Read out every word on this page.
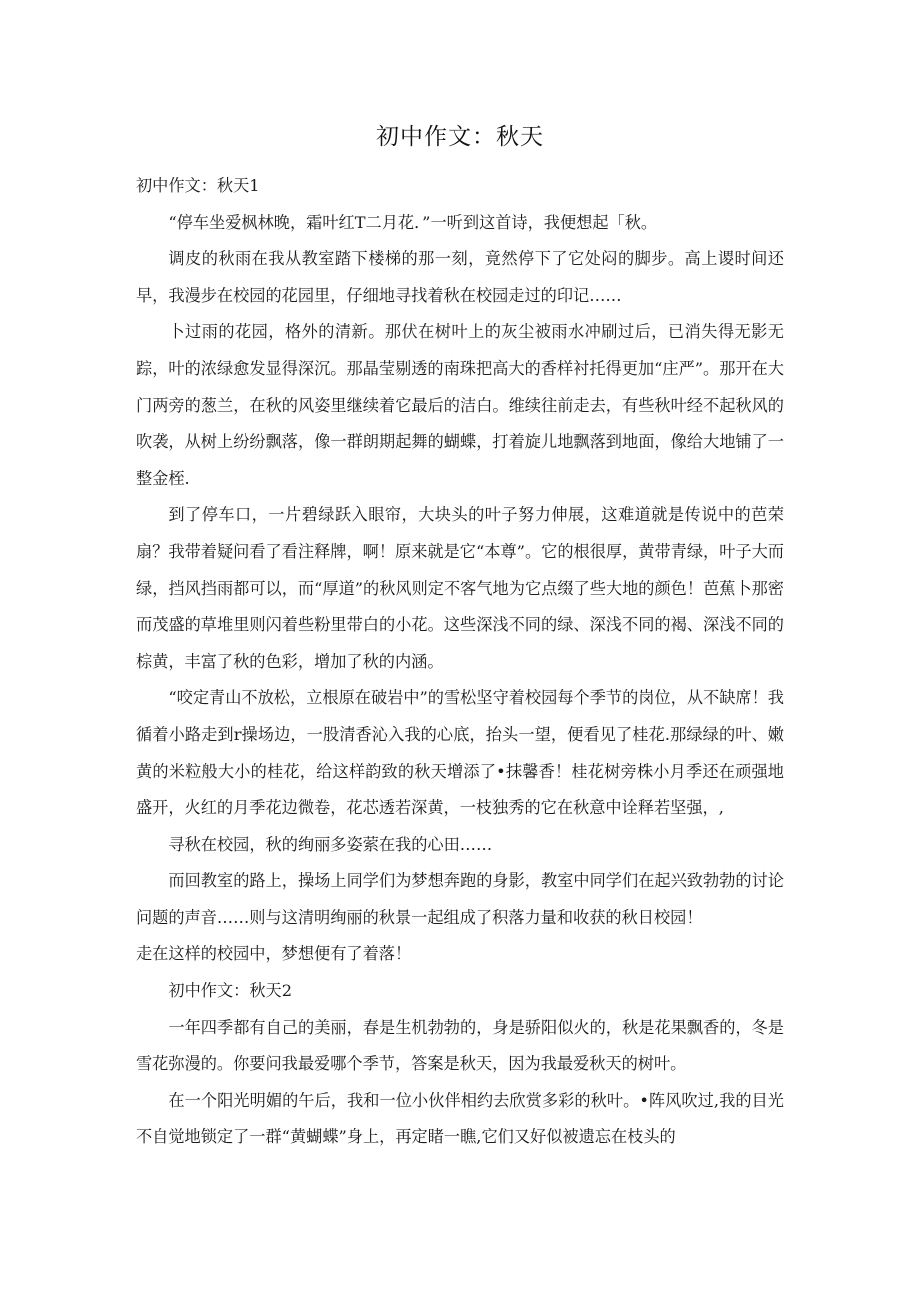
初中作文：秋天

初中作文：秋天1

“停车坐爱枫林晚，霜叶红T二月花．”一听到这首诗，我便想起「秋。

调皮的秋雨在我从教室踏下楼梯的那一刻，竟然停下了它处闷的脚步。高上谡时间还早，我漫步在校园的花园里，仔细地寻找着秋在校园走过的印记……

卜过雨的花园，格外的清新。那伏在树叶上的灰尘被雨水冲刷过后，已消失得无影无踪，叶的浓绿愈发显得深沉。那晶莹剔透的南珠把高大的香样衬托得更加“庄严”。那开在大门两旁的葱兰，在秋的风姿里继续着它最后的洁白。维续往前走去，有些秋叶经不起秋风的吹袭，从树上纷纷飘落，像一群朗期起舞的蝴蝶，打着旋儿地飘落到地面，像给大地铺了一整金桎.

到了停车口，一片碧绿跃入眼帘，大块头的叶子努力伸展，这难道就是传说中的芭荣扇？我带着疑问看了看注释牌，啊！原来就是它“本尊”。它的根很厚，黄带青绿，叶子大而绿，挡风挡雨都可以，而“厚道”的秋风则定不客气地为它点缀了些大地的颜色！芭蕉卜那密而茂盛的草堆里则闪着些粉里带白的小花。这些深浅不同的绿、深浅不同的褐、深浅不同的棕黄，丰富了秋的色彩，增加了秋的内涵。

“咬定青山不放松，立根原在破岩中”的雪松坚守着校园每个季节的岗位，从不缺席！我循着小路走到r操场边，一股清香沁入我的心底，抬头一望，便看见了桂花.那绿绿的叶、嫩黄的米粒般大小的桂花，给这样韵致的秋天增添了•抹馨香！桂花树旁株小月季还在顽强地盛开，火红的月季花边微卷，花芯透若深黄，一枝独秀的它在秋意中诠释若坚强，,

寻秋在校园，秋的绚丽多姿萦在我的心田……

而回教室的路上，操场上同学们为梦想奔跑的身影，教室中同学们在起兴致勃勃的讨论问题的声音……则与这清明绚丽的秋景一起组成了积落力量和收获的秋日校园！

走在这样的校园中，梦想便有了着落！

初中作文：秋天2

一年四季都有自己的美丽，春是生机勃勃的，身是骄阳似火的，秋是花果飘香的，冬是雪花弥漫的。你要问我最爱哪个季节，答案是秋天，因为我最爱秋天的树叶。

在一个阳光明媚的午后，我和一位小伙伴相约去欣赏多彩的秋叶。•阵风吹过,我的目光不自觉地锁定了一群“黄蝴蝶”身上，再定睹一瞧,它们又好似被遗忘在枝头的
